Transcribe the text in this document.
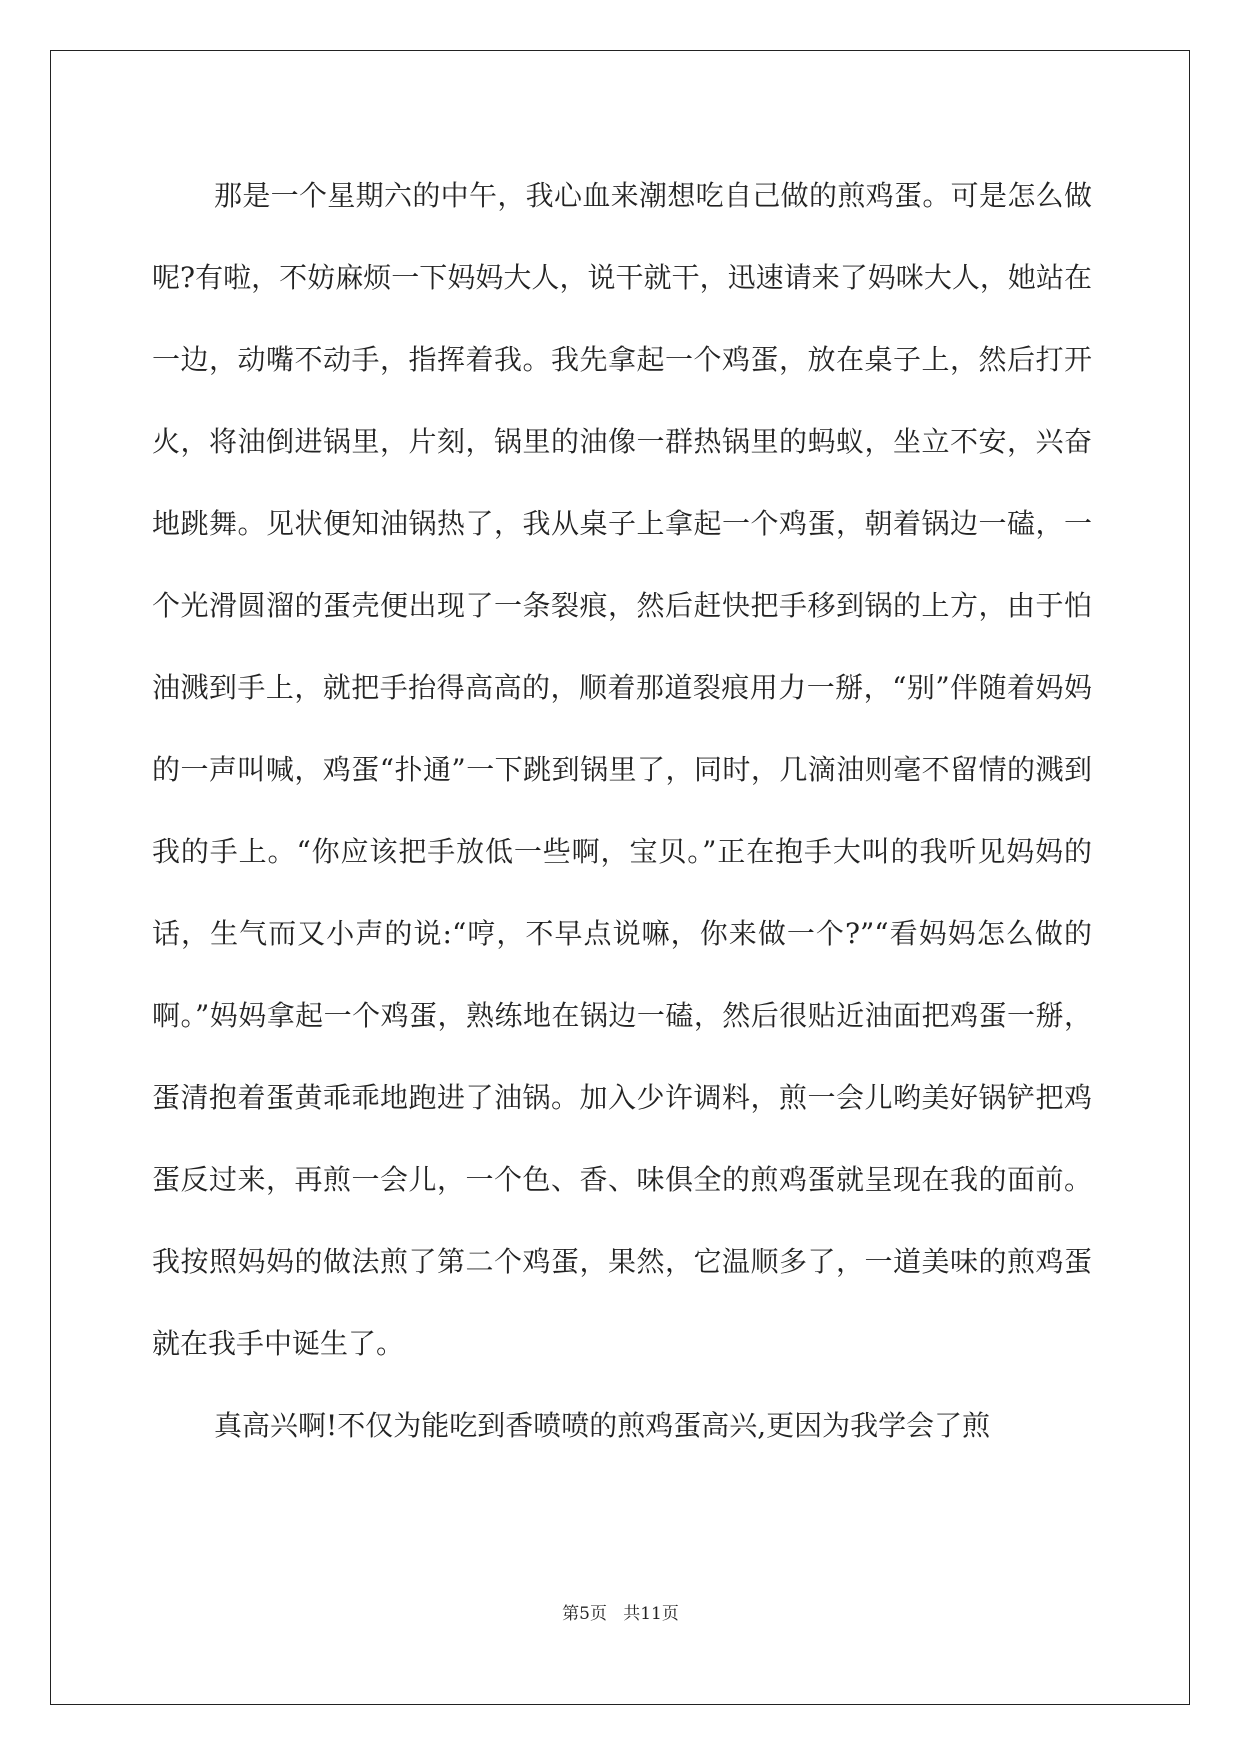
那是一个星期六的中午，我心血来潮想吃自己做的煎鸡蛋。可是怎么做呢?有啦，不妨麻烦一下妈妈大人，说干就干，迅速请来了妈咪大人，她站在一边，动嘴不动手，指挥着我。我先拿起一个鸡蛋，放在桌子上，然后打开火，将油倒进锅里，片刻，锅里的油像一群热锅里的蚂蚁，坐立不安，兴奋地跳舞。见状便知油锅热了，我从桌子上拿起一个鸡蛋，朝着锅边一磕，一个光滑圆溜的蛋壳便出现了一条裂痕，然后赶快把手移到锅的上方，由于怕油溅到手上，就把手抬得高高的，顺着那道裂痕用力一掰，“别”伴随着妈妈的一声叫喊，鸡蛋“扑通”一下跳到锅里了，同时，几滴油则毫不留情的溅到我的手上。“你应该把手放低一些啊，宝贝。”正在抱手大叫的我听见妈妈的话，生气而又小声的说:“哼，不早点说嘛，你来做一个?”“看妈妈怎么做的啊。”妈妈拿起一个鸡蛋，熟练地在锅边一磕，然后很贴近油面把鸡蛋一掰，蛋清抱着蛋黄乖乖地跑进了油锅。加入少许调料，煎一会儿哟美好锅铲把鸡蛋反过来，再煎一会儿，一个色、香、味俱全的煎鸡蛋就呈现在我的面前。我按照妈妈的做法煎了第二个鸡蛋，果然，它温顺多了，一道美味的煎鸡蛋就在我手中诞生了。

真高兴啊!不仅为能吃到香喷喷的煎鸡蛋高兴,更因为我学会了煎

第5页 共11页
